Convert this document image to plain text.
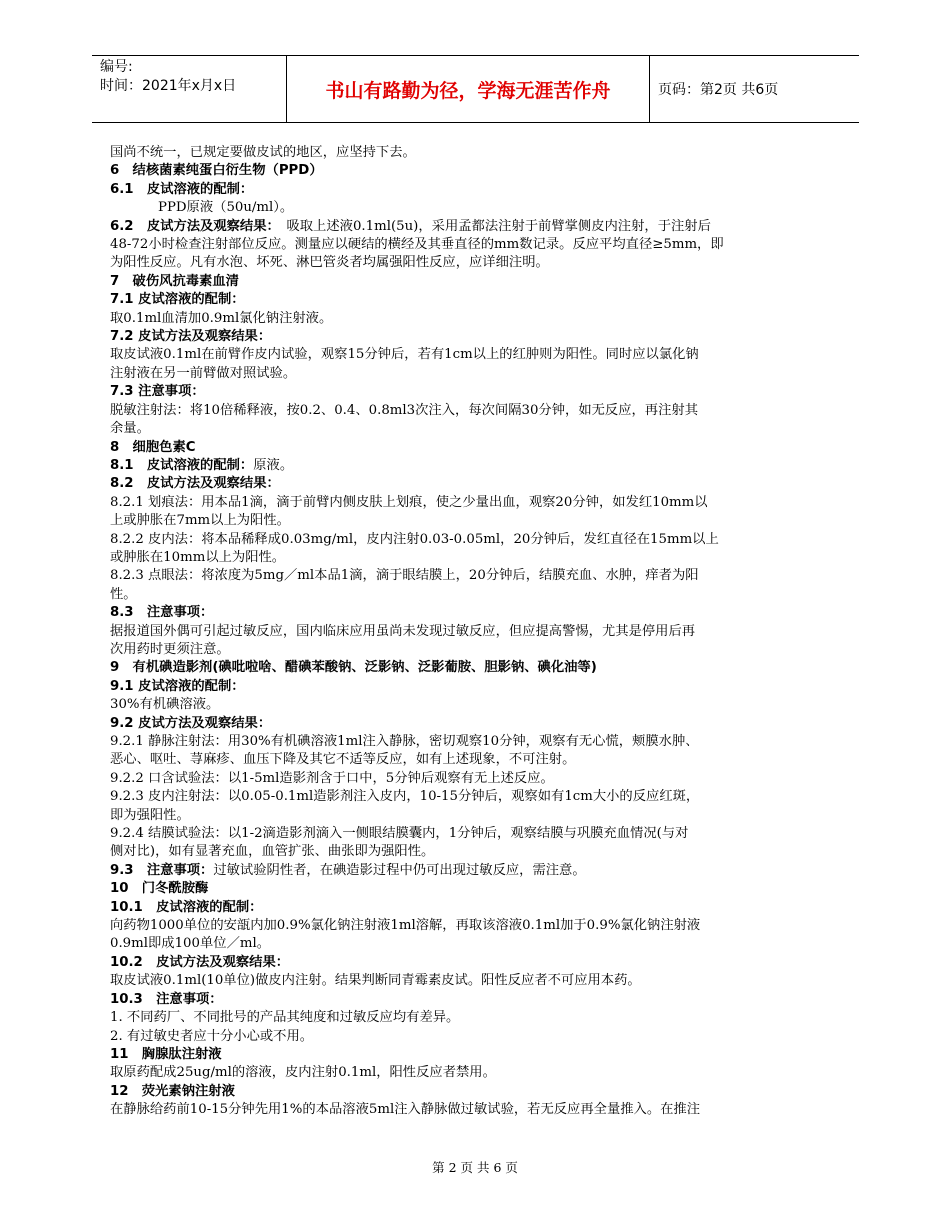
编号:
时间：2021年x月x日	书山有路勤为径，学海无涯苦作舟	页码：第2页 共6页

国尚不统一，已规定要做皮试的地区，应坚持下去。

6　结核菌素纯蛋白衍生物（PPD）

6.1　皮试溶液的配制：

PPD原液（50u/ml）。

6.2　皮试方法及观察结果：　吸取上述液0.1ml(5u)，采用孟都法注射于前臂掌侧皮内注射，于注射后

48-72小时检查注射部位反应。测量应以硬结的横经及其垂直径的mm数记录。反应平均直径≥5mm，即

为阳性反应。凡有水泡、坏死、淋巴管炎者均属强阳性反应，应详细注明。

7　破伤风抗毒素血清

7.1 皮试溶液的配制：

取0.1ml血清加0.9ml氯化钠注射液。

7.2 皮试方法及观察结果：

取皮试液0.1ml在前臂作皮内试验，观察15分钟后，若有1cm以上的红肿则为阳性。同时应以氯化钠

注射液在另一前臂做对照试验。

7.3 注意事项：

脱敏注射法：将10倍稀释液，按0.2、0.4、0.8ml3次注入，每次间隔30分钟，如无反应，再注射其

余量。

8　细胞色素C

8.1　皮试溶液的配制：原液。

8.2　皮试方法及观察结果：

8.2.1 划痕法：用本品1滴，滴于前臂内侧皮肤上划痕，使之少量出血，观察20分钟，如发红10mm以

上或肿胀在7mm以上为阳性。

8.2.2 皮内法：将本品稀释成0.03mg/ml，皮内注射0.03-0.05ml，20分钟后，发红直径在15mm以上

或肿胀在10mm以上为阳性。

8.2.3 点眼法：将浓度为5mg／ml本品1滴，滴于眼结膜上，20分钟后，结膜充血、水肿，痒者为阳

性。

8.3　注意事项：

据报道国外偶可引起过敏反应，国内临床应用虽尚未发现过敏反应，但应提高警惕，尤其是停用后再

次用药时更须注意。

9　有机碘造影剂(碘吡啦啥、醋碘苯酸钠、泛影钠、泛影葡胺、胆影钠、碘化油等)

9.1 皮试溶液的配制：

30%有机碘溶液。

9.2 皮试方法及观察结果：

9.2.1 静脉注射法：用30%有机碘溶液1ml注入静脉，密切观察10分钟，观察有无心慌，颊膜水肿、

恶心、呕吐、荨麻疹、血压下降及其它不适等反应，如有上述现象，不可注射。

9.2.2 口含试验法：以1-5ml造影剂含于口中，5分钟后观察有无上述反应。

9.2.3 皮内注射法：以0.05-0.1ml造影剂注入皮内，10-15分钟后，观察如有1cm大小的反应红斑，

即为强阳性。

9.2.4 结膜试验法：以1-2滴造影剂滴入一侧眼结膜囊内，1分钟后，观察结膜与巩膜充血情况(与对

侧对比)，如有显著充血，血管扩张、曲张即为强阳性。

9.3　注意事项：过敏试验阴性者，在碘造影过程中仍可出现过敏反应，需注意。

10　门冬酰胺酶

10.1　皮试溶液的配制：

向药物1000单位的安瓿内加0.9%氯化钠注射液1ml溶解，再取该溶液0.1ml加于0.9%氯化钠注射液

0.9ml即成100单位／ml。

10.2　皮试方法及观察结果：

取皮试液0.1ml(10单位)做皮内注射。结果判断同青霉素皮试。阳性反应者不可应用本药。

10.3　注意事项：

1. 不同药厂、不同批号的产品其纯度和过敏反应均有差异。

2. 有过敏史者应十分小心或不用。

11　胸腺肽注射液

取原药配成25ug/ml的溶液，皮内注射0.1ml，阳性反应者禁用。

12　荧光素钠注射液

在静脉给药前10-15分钟先用1%的本品溶液5ml注入静脉做过敏试验，若无反应再全量推入。在推注

第 2 页 共 6 页
